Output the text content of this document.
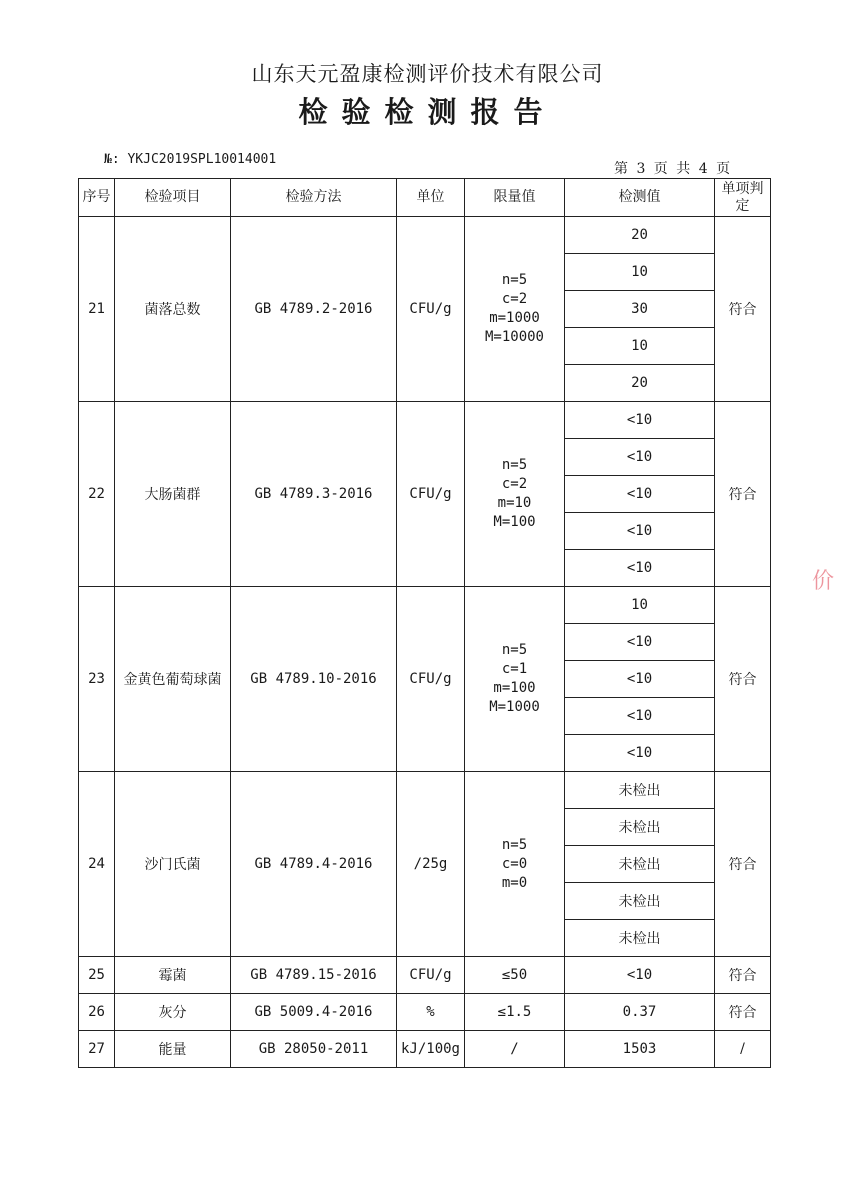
山东天元盈康检测评价技术有限公司
检验检测报告
№: YKJC2019SPL10014001
第 3 页 共 4 页
序号	检验项目	检验方法	单位	限量值	检测值	单项判定
21	菌落总数	GB 4789.2-2016	CFU/g	n=5
c=2
m=1000
M=10000	20	符合
					10	
					30	
					10	
					20	
22	大肠菌群	GB 4789.3-2016	CFU/g	n=5
c=2
m=10
M=100	<10	符合
					<10	
					<10	
					<10	
					<10	
23	金黄色葡萄球菌	GB 4789.10-2016	CFU/g	n=5
c=1
m=100
M=1000	10	符合
					<10	
					<10	
					<10	
					<10	
24	沙门氏菌	GB 4789.4-2016	/25g	n=5
c=0
m=0	未检出	符合
					未检出	
					未检出	
					未检出	
					未检出	
25	霉菌	GB 4789.15-2016	CFU/g	≤50	<10	符合
26	灰分	GB 5009.4-2016	%	≤1.5	0.37	符合
27	能量	GB 28050-2011	kJ/100g	/	1503	/
价
